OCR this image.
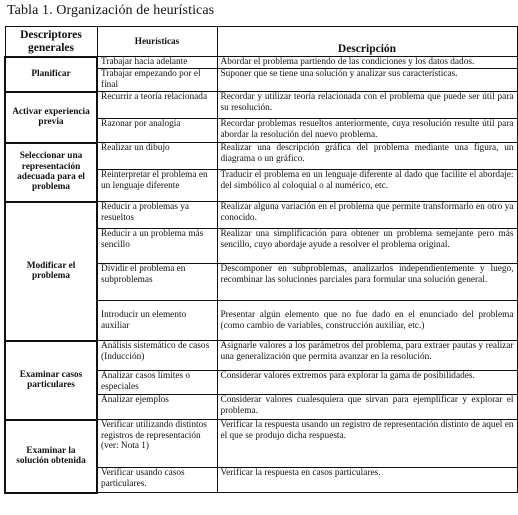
Tabla 1. Organización de heurísticas
Descriptores generales	Heurísticas	Descripción
Planificar	Trabajar hacia adelante	Abordar el problema partiendo de las condiciones y los datos dados.
	Trabajar empezando por el final	Suponer que se tiene una solución y analizar sus características.
Activar experiencia previa	Recurrir a teoría relacionada	Recordar y utilizar teoría relacionada con el problema que puede ser útil para su resolución.
	Razonar por analogía	Recordar problemas resueltos anteriormente, cuya resolución resulte útil para abordar la resolución del nuevo problema.
Seleccionar una representación adecuada para el problema	Realizar un dibujo	Realizar una descripción gráfica del problema mediante una figura, un diagrama o un gráfico.
	Reinterpretar el problema en un lenguaje diferente	Traducir el problema en un lenguaje diferente al dado que facilite el abordaje: del simbólico al coloquial o al numérico, etc.
Modificar el problema	Reducir a problemas ya resueltos	Realizar alguna variación en el problema que permite transformarlo en otro ya conocido.
	Reducir a un problema más sencillo	Realizar una simplificación para obtener un problema semejante pero más sencillo, cuyo abordaje ayude a resolver el problema original.
	Dividir el problema en subproblemas	Descomponer en subproblemas, analizarlos independientemente y luego, recombinar las soluciones parciales para formular una solución general.
	Introducir un elemento auxiliar	Presentar algún elemento que no fue dado en el enunciado del problema (como cambio de variables, construcción auxiliar, etc.)
Examinar casos particulares	Análisis sistemático de casos (Inducción)	Asignarle valores a los parámetros del problema, para extraer pautas y realizar una generalización que permita avanzar en la resolución.
	Analizar casos límites o especiales	Considerar valores extremos para explorar la gama de posibilidades.
	Analizar ejemplos	Considerar valores cualesquiera que sirvan para ejemplificar y explorar el problema.
Examinar la solución obtenida	Verificar utilizando distintos registros de representación (ver: Nota 1)	Verificar la respuesta usando un registro de representación distinto de aquel en el que se produjo dicha respuesta.
	Verificar usando casos particulares.	Verificar la respuesta en casos particulares.
